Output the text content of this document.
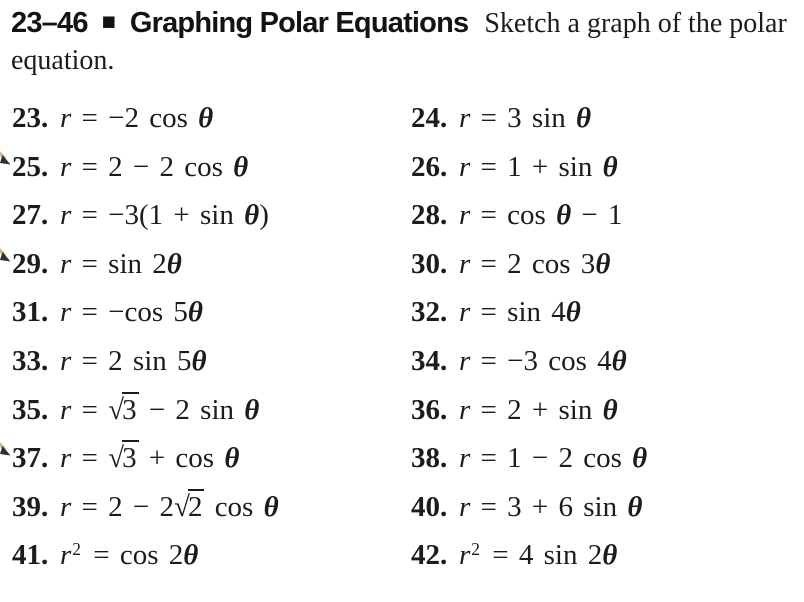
23–46 ■ Graphing Polar Equations Sketch a graph of the polar
equation.
23. r = −2 cos θ	24. r = 3 sin θ
25. r = 2 − 2 cos θ	26. r = 1 + sin θ
27. r = −3(1 + sin θ)	28. r = cos θ − 1
29. r = sin 2θ	30. r = 2 cos 3θ
31. r = −cos 5θ	32. r = sin 4θ
33. r = 2 sin 5θ	34. r = −3 cos 4θ
35. r = √3 − 2 sin θ	36. r = 2 + sin θ
37. r = √3 + cos θ	38. r = 1 − 2 cos θ
39. r = 2 − 2√2 cos θ	40. r = 3 + 6 sin θ
41. $r^2 = \cos 2\theta$	42. $r^2 = 4$ sin 2θ
